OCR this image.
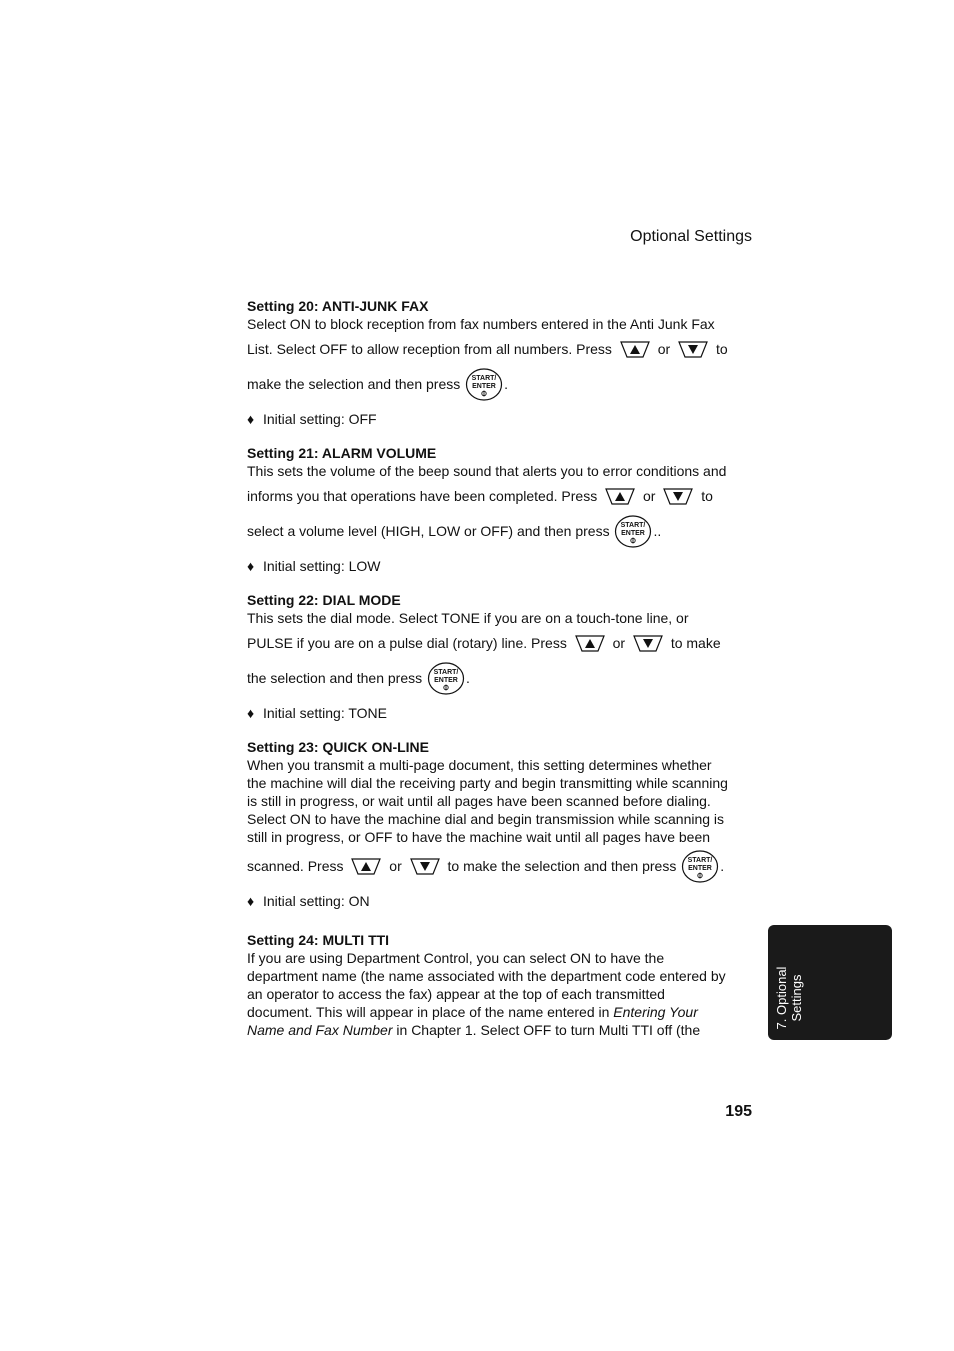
Optional Settings
Setting 20: ANTI-JUNK FAX
Select ON to block reception from fax numbers entered in the Anti Junk Fax
List. Select OFF to allow reception from all numbers. Press	or	to
make the selection and then press START/
ENTER .
♦ Initial setting: OFF
Setting 21: ALARM VOLUME
This sets the volume of the beep sound that alerts you to error conditions and
informs you that operations have been completed. Press	or	to
select a volume level (HIGH, LOW or OFF) and then press START/
ENTER ..
♦ Initial setting: LOW
Setting 22: DIAL MODE
This sets the dial mode. Select TONE if you are on a touch-tone line, or
PULSE if you are on a pulse dial (rotary) line. Press	or	to make
the selection and then press START/
ENTER .
♦ Initial setting: TONE
Setting 23: QUICK ON-LINE
When you transmit a multi-page document, this setting determines whether
the machine will dial the receiving party and begin transmitting while scanning
is still in progress, or wait until all pages have been scanned before dialing.
Select ON to have the machine dial and begin transmission while scanning is
still in progress, or OFF to have the machine wait until all pages have been
scanned. Press	or	to make the selection and then press START/
ENTER .
♦ Initial setting: ON
Setting 24: MULTI TTI
If you are using Department Control, you can select ON to have the
department name (the name associated with the department code entered by
an operator to access the fax) appear at the top of each transmitted
document. This will appear in place of the name entered in Entering Your
Name and Fax Number in Chapter 1. Select OFF to turn Multi TTI off (the
7. Optional Settings
195
